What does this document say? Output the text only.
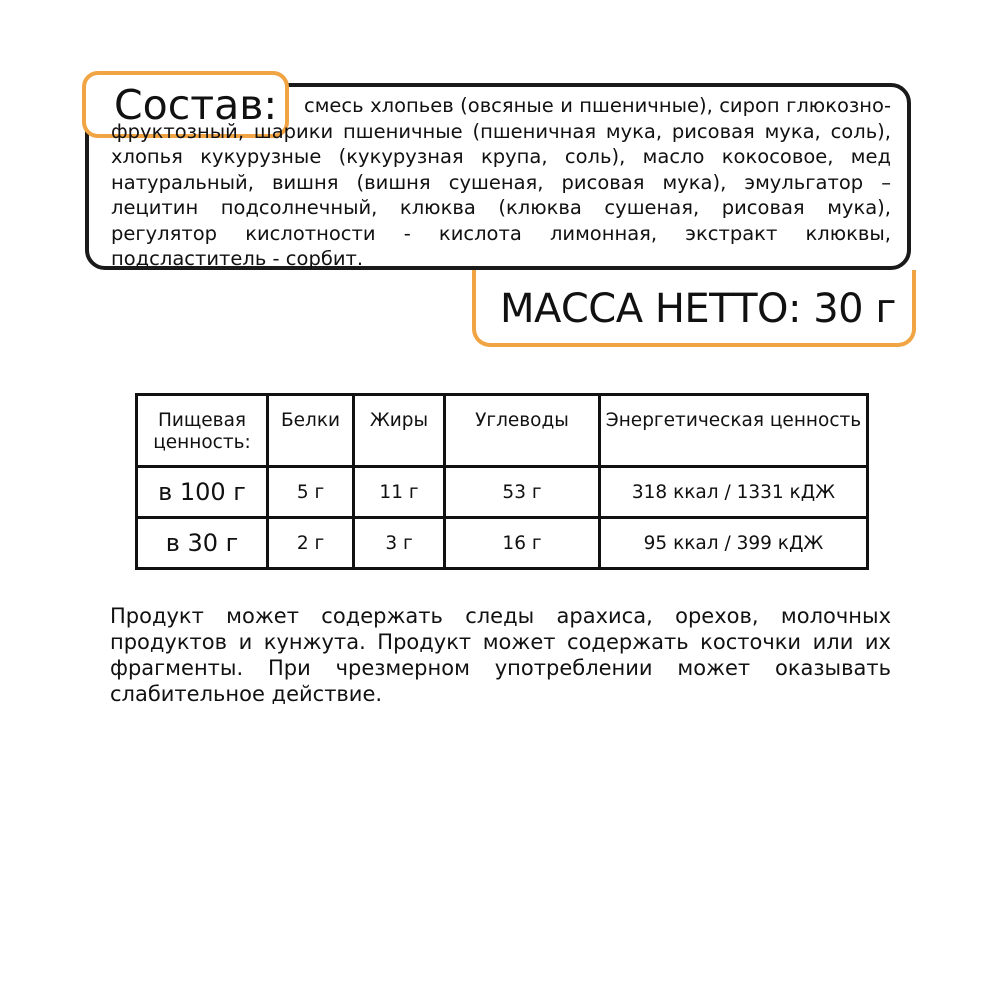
Состав:	смесь хлопьев (овсяные и пшеничные), сироп глюкозно-фруктозный, шарики пшеничные (пшеничная мука, рисовая мука, соль), хлопья кукурузные (кукурузная крупа, соль), масло кокосовое, мед натуральный, вишня (вишня сушеная, рисовая мука), эмульгатор – лецитин подсолнечный, клюква (клюква сушеная, рисовая мука), регулятор кислотности - кислота лимонная, экстракт клюквы, подсластитель - сорбит.
МАССА НЕТТО: 30 г
Пищевая ценность:	Белки	Жиры	Углеводы	Энергетическая ценность
в 100 г	5 г	11 г	53 г	318 ккал / 1331 кДЖ
в 30 г	2 г	3 г	16 г	95 ккал / 399 кДЖ
Продукт может содержать следы арахиса, орехов, молочных продуктов и кунжута. Продукт может содержать косточки или их фрагменты. При чрезмерном употреблении может оказывать слабительное действие.
